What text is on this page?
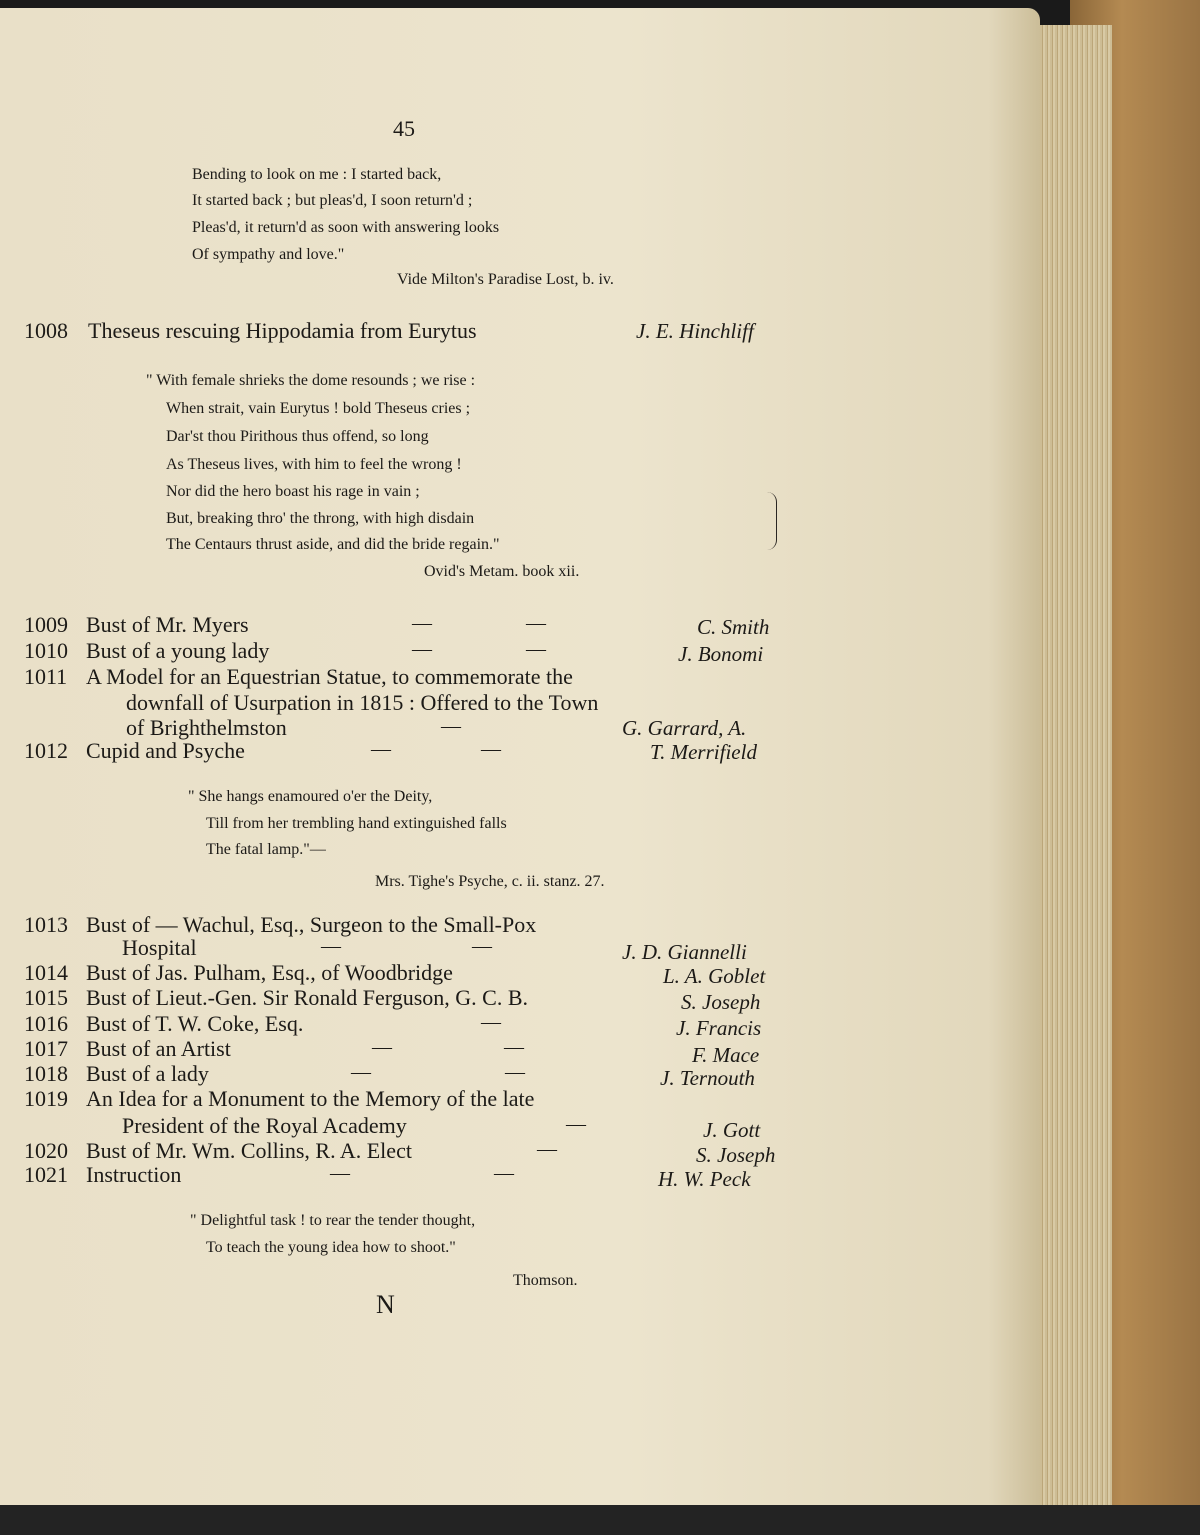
45
Bending to look on me : I started back,
It started back ; but pleas'd, I soon return'd ;
Pleas'd, it return'd as soon with answering looks
Of sympathy and love."
Vide Milton's Paradise Lost, b. iv.
1008 Theseus rescuing Hippodamia from Eurytus	J. E. Hinchliff
" With female shrieks the dome resounds ; we rise :
When strait, vain Eurytus ! bold Theseus cries ;
Dar'st thou Pirithous thus offend, so long
As Theseus lives, with him to feel the wrong !
Nor did the hero boast his rage in vain ;
But, breaking thro' the throng, with high disdain
The Centaurs thrust aside, and did the bride regain."
Ovid's Metam. book xii.
1009 Bust of Mr. Myers	—	—	C. Smith
1010 Bust of a young lady	—	—	J. Bonomi
1011 A Model for an Equestrian Statue, to commemorate the
downfall of Usurpation in 1815 : Offered to the Town
of Brighthelmston	—	G. Garrard, A.
1012 Cupid and Psyche	—	—	T. Merrifield
" She hangs enamoured o'er the Deity,
Till from her trembling hand extinguished falls
The fatal lamp."—
Mrs. Tighe's Psyche, c. ii. stanz. 27.
1013 Bust of — Wachul, Esq., Surgeon to the Small-Pox
Hospital	—	—	J. D. Giannelli
1014 Bust of Jas. Pulham, Esq., of Woodbridge	L. A. Goblet
1015 Bust of Lieut.-Gen. Sir Ronald Ferguson, G. C. B.	S. Joseph
1016 Bust of T. W. Coke, Esq.	—	J. Francis
1017 Bust of an Artist	—	—	F. Mace
1018 Bust of a lady	—	—	J. Ternouth
1019 An Idea for a Monument to the Memory of the late
President of the Royal Academy	—	J. Gott
1020 Bust of Mr. Wm. Collins, R. A. Elect	—	S. Joseph
1021 Instruction	—	—	H. W. Peck
" Delightful task ! to rear the tender thought,
To teach the young idea how to shoot."
Thomson.
N
